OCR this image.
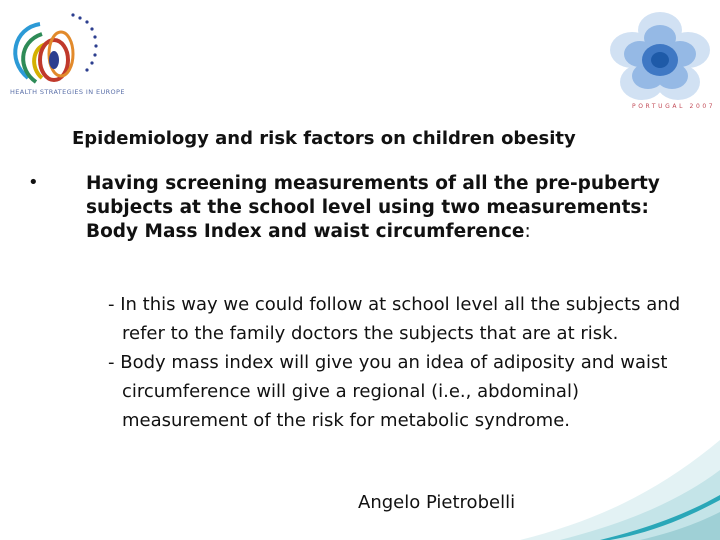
HEALTH STRATEGIES IN EUROPE
PORTUGAL 2007
Epidemiology and risk factors on children obesity
•	Having screening measurements of all the pre-puberty subjects at the school level using two measurements: Body Mass Index and waist circumference:

- In this way we could follow at school level all the subjects and refer to the family doctors the subjects that are at risk.
- Body mass index will give you an idea of adiposity and waist circumference will give a regional (i.e., abdominal) measurement of the risk for metabolic syndrome.
Angelo Pietrobelli
